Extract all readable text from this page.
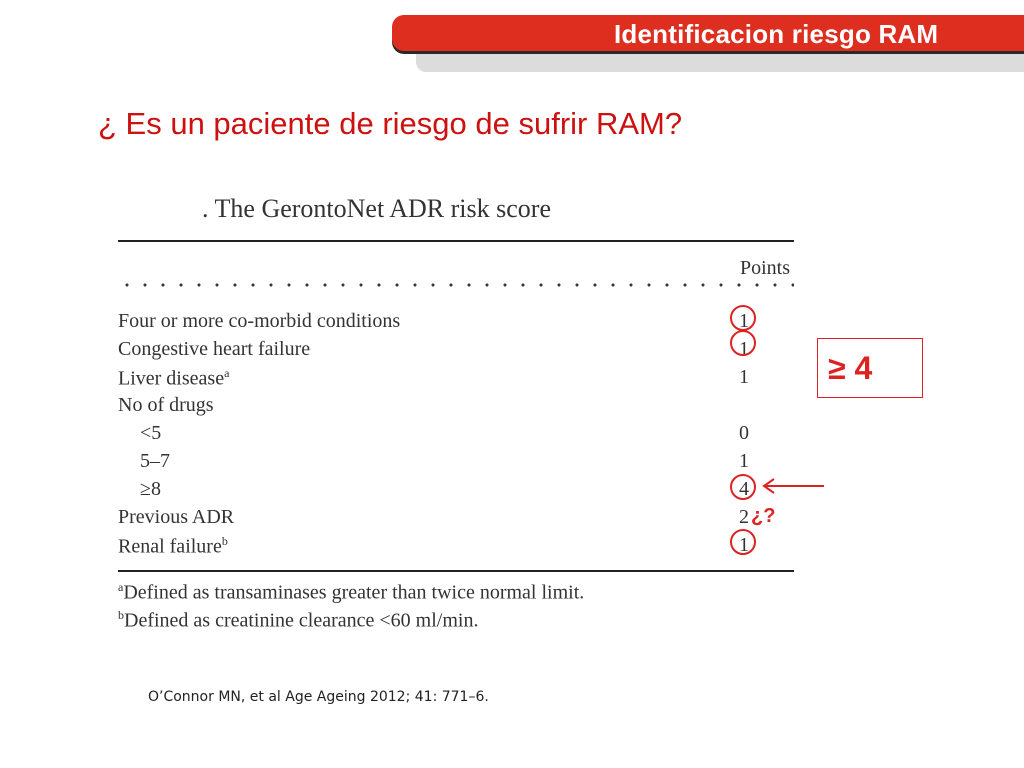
Identificacion riesgo RAM
¿ Es un paciente de riesgo de sufrir RAM?
. The GerontoNet ADR risk score
Points
Four or more co-morbid conditions	1
Congestive heart failure	1
Liver disease$^a$	1
No of drugs
<5	0
5–7	1
≥8	4
Previous ADR	2
Renal failure$^b$	1
$^a$Defined as transaminases greater than twice normal limit.
$^b$Defined as creatinine clearance <60 ml/min.
¿?
≥ 4
O’Connor MN, et al Age Ageing 2012; 41: 771–6.
